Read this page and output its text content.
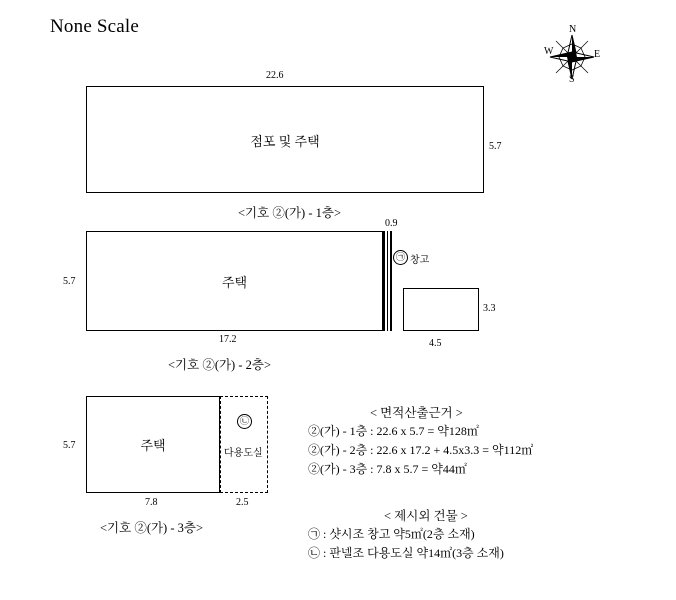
None Scale	N
S
E
W
점포 및 주택
22.6
5.7
<기호 ②(가) - 1층>
주택
㉠ 창고
0.9
3.3
4.5
5.7
17.2
<기호 ②(가) - 2층>
주택
㉡
다용도실
5.7
7.8	2.5
<기호 ②(가) - 3층>
< 면적산출근거 >
②(가) - 1층 : 22.6 x 5.7 = 약128㎡
②(가) - 2층 : 22.6 x 17.2 + 4.5x3.3 = 약112㎡
②(가) - 3층 : 7.8 x 5.7 = 약44㎡
< 제시외 건물 >
㉠ : 샷시조 창고 약5㎡(2층 소재)
㉡ : 판넬조 다용도실 약14㎡(3층 소재)
